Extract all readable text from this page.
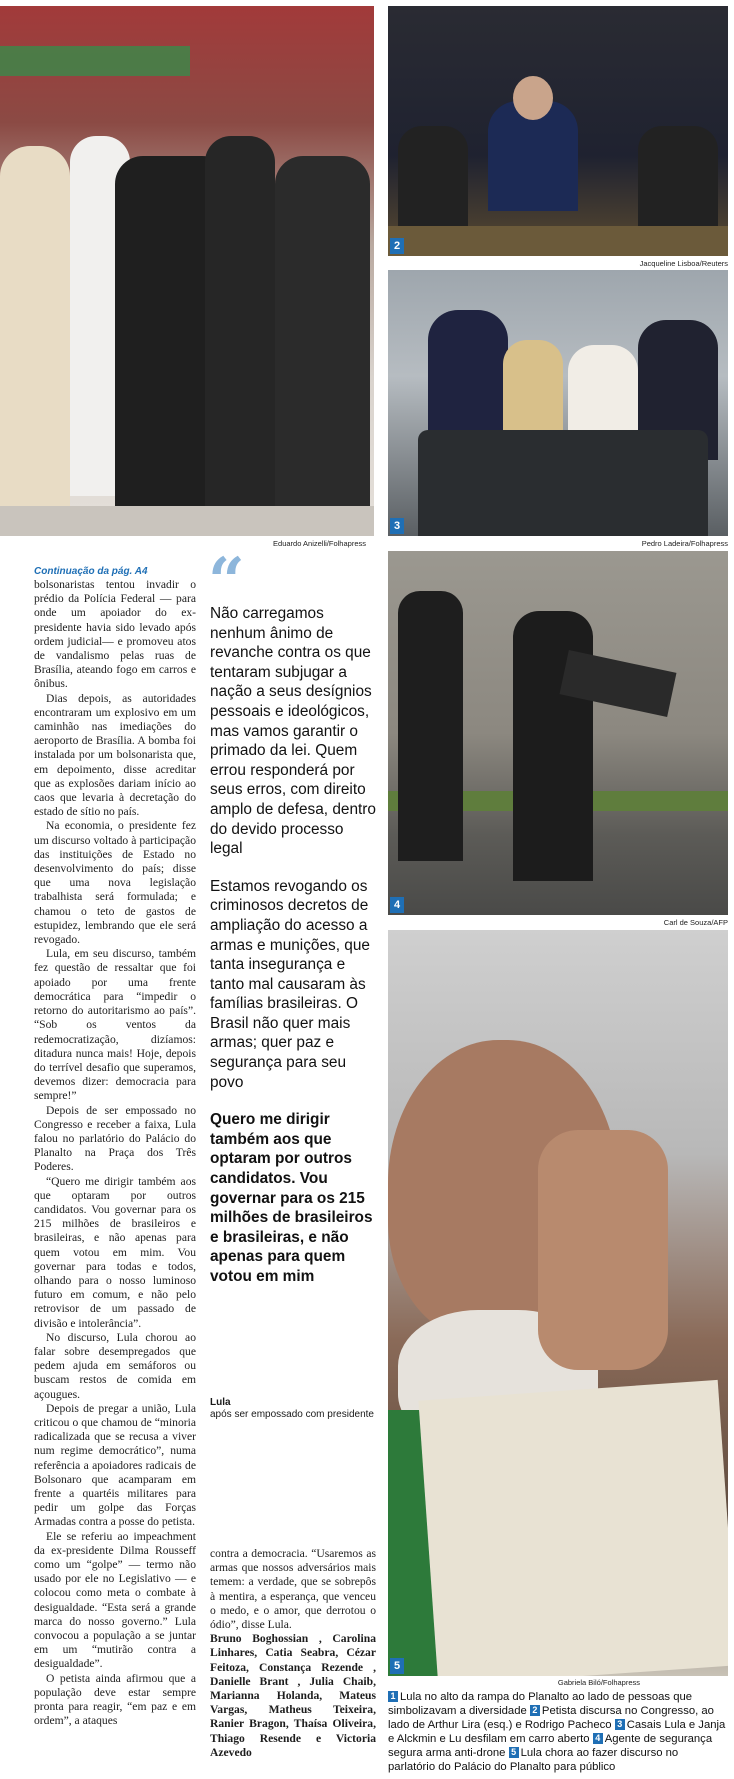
Eduardo Anizelli/Folhapress
2
Jacqueline Lisboa/Reuters
3
Pedro Ladeira/Folhapress
4
Carl de Souza/AFP
5
Gabriela Biló/Folhapress

Continuação da pág. A4
bolsonaristas tentou invadir o prédio da Polícia Federal — para onde um apoiador do ex-presidente havia sido levado após ordem judicial— e promoveu atos de vandalismo pelas ruas de Brasília, ateando fogo em carros e ônibus.

Dias depois, as autoridades encontraram um explosivo em um caminhão nas imediações do aeroporto de Brasília. A bomba foi instalada por um bolsonarista que, em depoimento, disse acreditar que as explosões dariam início ao caos que levaria à decretação do estado de sítio no país.

Na economia, o presidente fez um discurso voltado à participação das instituições de Estado no desenvolvimento do país; disse que uma nova legislação trabalhista será formulada; e chamou o teto de gastos de estupidez, lembrando que ele será revogado.

Lula, em seu discurso, também fez questão de ressaltar que foi apoiado por uma frente democrática para “impedir o retorno do autoritarismo ao país”. “Sob os ventos da redemocratização, dizíamos: ditadura nunca mais! Hoje, depois do terrível desafio que superamos, devemos dizer: democracia para sempre!”

Depois de ser empossado no Congresso e receber a faixa, Lula falou no parlatório do Palácio do Planalto na Praça dos Três Poderes.

“Quero me dirigir também aos que optaram por outros candidatos. Vou governar para os 215 milhões de brasileiros e brasileiras, e não apenas para quem votou em mim. Vou governar para todas e todos, olhando para o nosso luminoso futuro em comum, e não pelo retrovisor de um passado de divisão e intolerância”.

No discurso, Lula chorou ao falar sobre desempregados que pedem ajuda em semáforos ou buscam restos de comida em açougues.

Depois de pregar a união, Lula criticou o que chamou de “minoria radicalizada que se recusa a viver num regime democrático”, numa referência a apoiadores radicais de Bolsonaro que acamparam em frente a quartéis militares para pedir um golpe das Forças Armadas contra a posse do petista.

Ele se referiu ao impeachment da ex-presidente Dilma Rousseff como um “golpe” — termo não usado por ele no Legislativo — e colocou como meta o combate à desigualdade. “Esta será a grande marca do nosso governo.” Lula convocou a população a se juntar em um “mutirão contra a desigualdade”.

O petista ainda afirmou que a população deve estar sempre pronta para reagir, “em paz e em ordem”, a ataques

“

Não carregamos nenhum ânimo de revanche contra os que tentaram subjugar a nação a seus desígnios pessoais e ideológicos, mas vamos garantir o primado da lei. Quem errou responderá por seus erros, com direito amplo de defesa, dentro do devido processo legal

Estamos revogando os criminosos decretos de ampliação do acesso a armas e munições, que tanta insegurança e tanto mal causaram às famílias brasileiras. O Brasil não quer mais armas; quer paz e segurança para seu povo

Quero me dirigir também aos que optaram por outros candidatos. Vou governar para os 215 milhões de brasileiros e brasileiras, e não apenas para quem votou em mim

Lula
após ser empossado com presidente

contra a democracia. “Usaremos as armas que nossos adversários mais temem: a verdade, que se sobrepôs à mentira, a esperança, que venceu o medo, e o amor, que derrotou o ódio”, disse Lula.

Bruno Boghossian , Carolina Linhares, Catia Seabra, Cézar Feitoza, Constança Rezende , Danielle Brant , Julia Chaib, Marianna Holanda, Mateus Vargas, Matheus Teixeira, Ranier Bragon, Thaísa Oliveira, Thiago Resende e Victoria Azevedo

1 Lula no alto da rampa do Planalto ao lado de pessoas que simbolizavam a diversidade 2 Petista discursa no Congresso, ao lado de Arthur Lira (esq.) e Rodrigo Pacheco 3 Casais Lula e Janja e Alckmin e Lu desfilam em carro aberto 4 Agente de segurança segura arma anti-drone 5 Lula chora ao fazer discurso no parlatório do Palácio do Planalto para público
